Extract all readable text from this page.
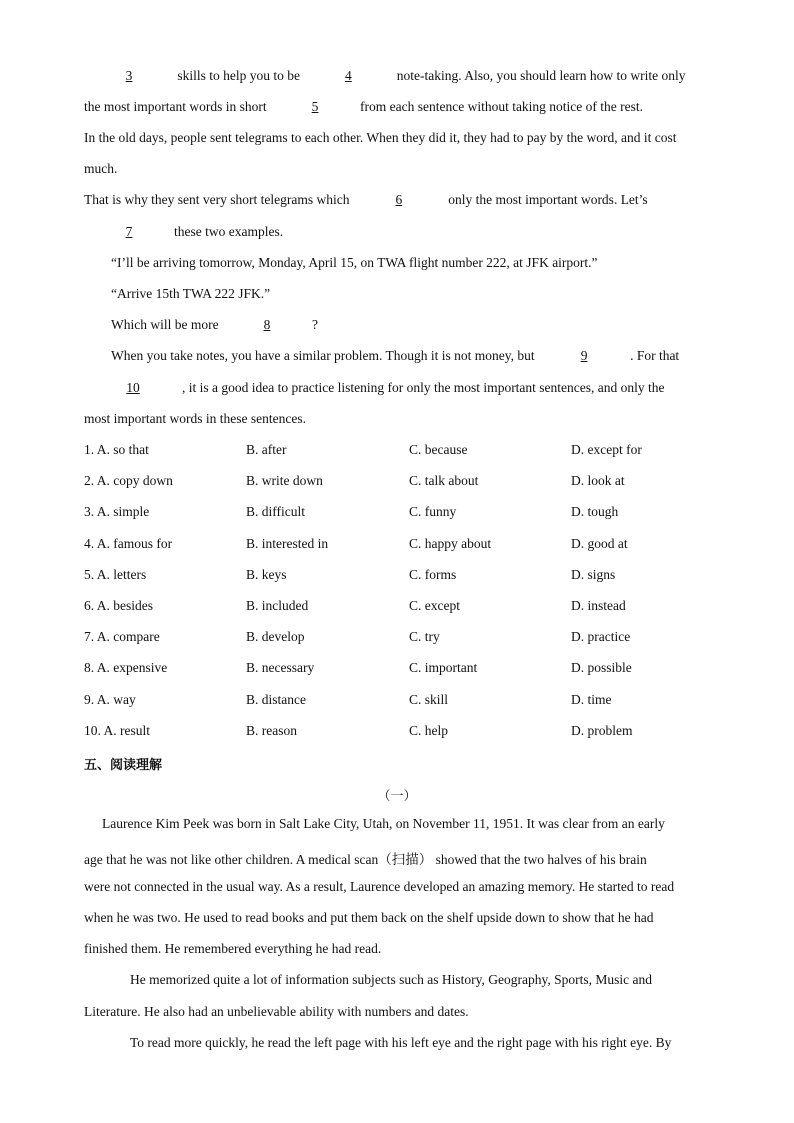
3	skills to help you to be	4	note-taking. Also, you should learn how to write only
the most important words in short	5	from each sentence without taking notice of the rest.
In the old days, people sent telegrams to each other. When they did it, they had to pay by the word, and it cost
much.
That is why they sent very short telegrams which	6	only the most important words. Let’s
7	these two examples.
“I’ll be arriving tomorrow, Monday, April 15, on TWA flight number 222, at JFK airport.”
“Arrive 15th TWA 222 JFK.”
Which will be more	8	?
When you take notes, you have a similar problem. Though it is not money, but	9	. For that
10	, it is a good idea to practice listening for only the most important sentences, and only the
most important words in these sentences.
1. A. so that	B. after	C. because	D. except for
2. A. copy down	B. write down	C. talk about	D. look at
3. A. simple	B. difficult	C. funny	D. tough
4. A. famous for	B. interested in	C. happy about	D. good at
5. A. letters	B. keys	C. forms	D. signs
6. A. besides	B. included	C. except	D. instead
7. A. compare	B. develop	C. try	D. practice
8. A. expensive	B. necessary	C. important	D. possible
9. A. way	B. distance	C. skill	D. time
10. A. result	B. reason	C. help	D. problem
五、阅读理解
（一）
Laurence Kim Peek was born in Salt Lake City, Utah, on November 11, 1951. It was clear from an early
age that he was not like other children. A medical scan（扫描） showed that the two halves of his brain
were not connected in the usual way. As a result, Laurence developed an amazing memory. He started to read
when he was two. He used to read books and put them back on the shelf upside down to show that he had
finished them. He remembered everything he had read.
He memorized quite a lot of information subjects such as History, Geography, Sports, Music and
Literature. He also had an unbelievable ability with numbers and dates.
To read more quickly, he read the left page with his left eye and the right page with his right eye. By
